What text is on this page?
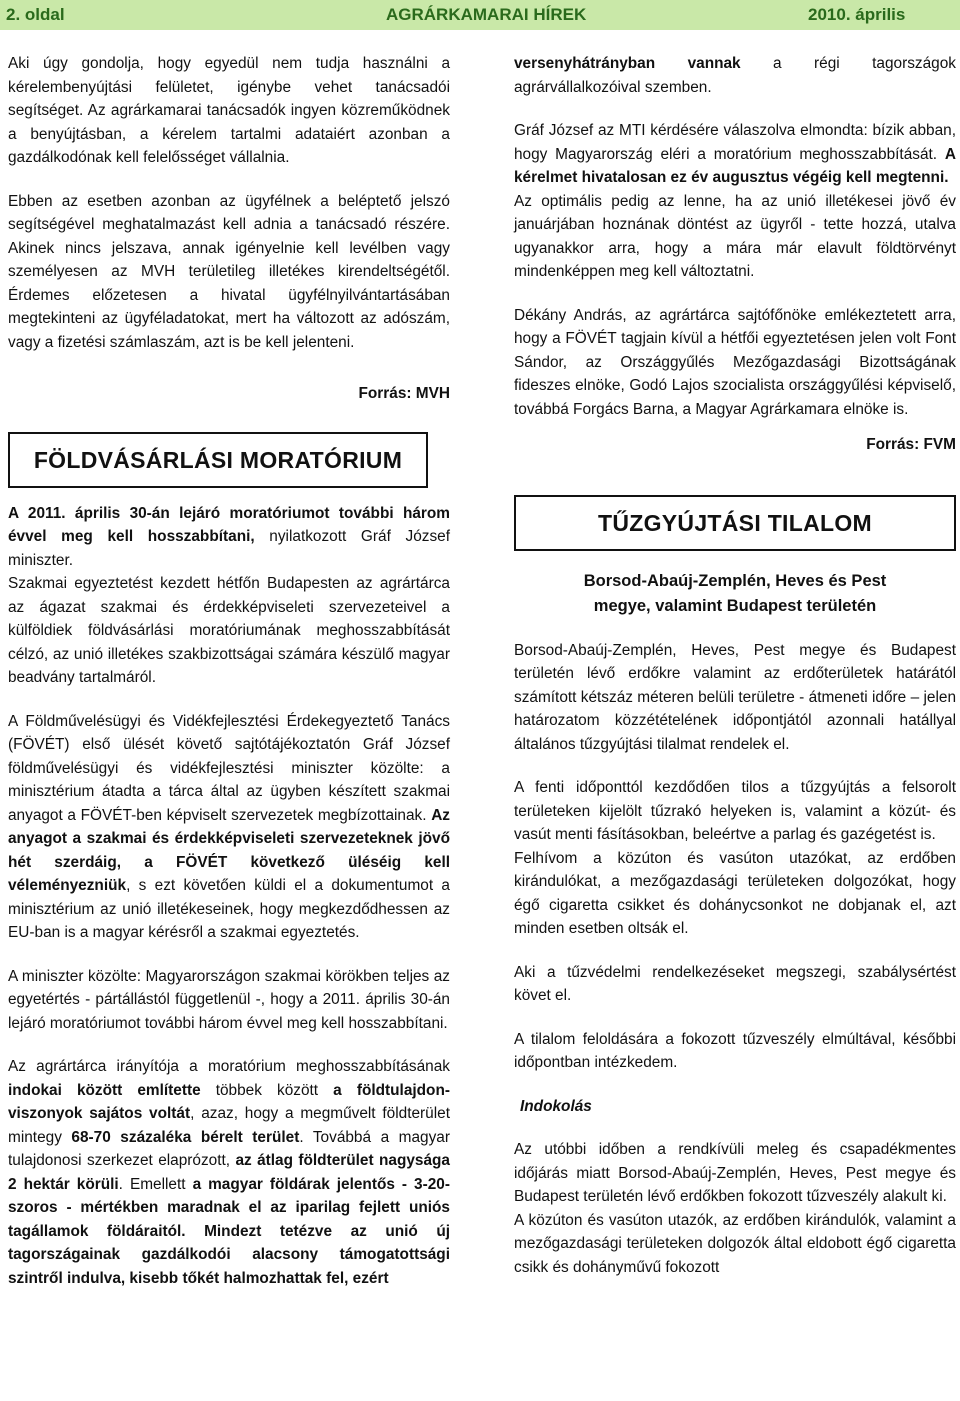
2. oldal	AGRÁRKAMARAI HÍREK	2010. április

Aki úgy gondolja, hogy egyedül nem tudja használni a kérelembenyújtási felületet, igénybe vehet tanácsadói segítséget. Az agrárkamarai tanácsadók ingyen közreműködnek a benyújtásban, a kérelem tartalmi adataiért azonban a gazdálkodónak kell felelősséget vállalnia.

Ebben az esetben azonban az ügyfélnek a beléptető jelszó segítségével meghatalmazást kell adnia a tanácsadó részére. Akinek nincs jelszava, annak igényelnie kell levélben vagy személyesen az MVH területileg illetékes kirendeltségétől. Érdemes előzetesen a hivatal ügyfélnyilvántartásában megtekinteni az ügyféladatokat, mert ha változott az adószám, vagy a fizetési számlaszám, azt is be kell jelenteni.

Forrás: MVH
FÖLDVÁSÁRLÁSI MORATÓRIUM

A 2011. április 30-án lejáró moratóriumot további három évvel meg kell hosszabbítani, nyilatkozott Gráf József miniszter.
Szakmai egyeztetést kezdett hétfőn Budapesten az agrártárca az ágazat szakmai és érdekképviseleti szervezeteivel a külföldiek földvásárlási moratóriumának meghosszabbítását célzó, az unió illetékes szakbizottságai számára készülő magyar beadvány tartalmáról.

A Földművelésügyi és Vidékfejlesztési Érdekegyeztető Tanács (FÖVÉT) első ülését követő sajtótájékoztatón Gráf József földművelésügyi és vidékfejlesztési miniszter közölte: a minisztérium átadta a tárca által az ügyben készített szakmai anyagot a FÖVÉT-ben képviselt szervezetek megbízottainak. Az anyagot a szakmai és érdekképviseleti szervezeteknek jövő hét szerdáig, a FÖVÉT következő üléséig kell véleményezniük, s ezt követően küldi el a dokumentumot a minisztérium az unió illetékeseinek, hogy megkezdődhessen az EU-ban is a magyar kérésről a szakmai egyeztetés.

A miniszter közölte: Magyarországon szakmai körökben teljes az egyetértés - pártállástól függetlenül -, hogy a 2011. április 30-án lejáró moratóriumot további három évvel meg kell hosszabbítani.

Az agrártárca irányítója a moratórium meghosszabbításának indokai között említette többek között a földtulajdon-viszonyok sajátos voltát, azaz, hogy a megművelt földterület mintegy 68-70 százaléka bérelt terület. Továbbá a magyar tulajdonosi szerkezet elaprózott, az átlag földterület nagysága 2 hektár körüli. Emellett a magyar földárak jelentős - 3-20-szoros - mértékben maradnak el az iparilag fejlett uniós tagállamok földáraitól. Mindezt tetézve az unió új tagországainak gazdálkodói alacsony támogatottsági szintről indulva, kisebb tőkét halmozhattak fel, ezért

versenyhátrányban vannak a régi tagországok agrárvállalkozóival szemben.

Gráf József az MTI kérdésére válaszolva elmondta: bízik abban, hogy Magyarország eléri a moratórium meghosszabbítását. A kérelmet hivatalosan ez év augusztus végéig kell megtenni.

Az optimális pedig az lenne, ha az unió illetékesei jövő év januárjában hoznának döntést az ügyről - tette hozzá, utalva ugyanakkor arra, hogy a mára már elavult földtörvényt mindenképpen meg kell változtatni.

Dékány András, az agrártárca sajtófőnöke emlékeztetett arra, hogy a FÖVÉT tagjain kívül a hétfői egyeztetésen jelen volt Font Sándor, az Országgyűlés Mezőgazdasági Bizottságának fideszes elnöke, Godó Lajos szocialista országgyűlési képviselő, továbbá Forgács Barna, a Magyar Agrárkamara elnöke is.

Forrás: FVM
TŰZGYÚJTÁSI TILALOM
Borsod-Abaúj-Zemplén, Heves és Pest megye, valamint Budapest területén

Borsod-Abaúj-Zemplén, Heves, Pest megye és Budapest területén lévő erdőkre valamint az erdőterületek határától számított kétszáz méteren belüli területre - átmeneti időre – jelen határozatom közzétételének időpontjától azonnali hatállyal általános tűzgyújtási tilalmat rendelek el.

A fenti időponttól kezdődően tilos a tűzgyújtás a felsorolt területeken kijelölt tűzrakó helyeken is, valamint a közút- és vasút menti fásításokban, beleértve a parlag és gazégetést is.

Felhívom a közúton és vasúton utazókat, az erdőben kirándulókat, a mezőgazdasági területeken dolgozókat, hogy égő cigaretta csikket és dohánycsonkot ne dobjanak el, azt minden esetben oltsák el.

Aki a tűzvédelmi rendelkezéseket megszegi, szabálysértést követ el.

A tilalom feloldására a fokozott tűzveszély elmúltával, későbbi időpontban intézkedem.

Indokolás

Az utóbbi időben a rendkívüli meleg és csapadékmentes időjárás miatt Borsod-Abaúj-Zemplén, Heves, Pest megye és Budapest területén lévő erdőkben fokozott tűzveszély alakult ki.

A közúton és vasúton utazók, az erdőben kirándulók, valamint a mezőgazdasági területeken dolgozók által eldobott égő cigaretta csikk és dohányművű fokozott
